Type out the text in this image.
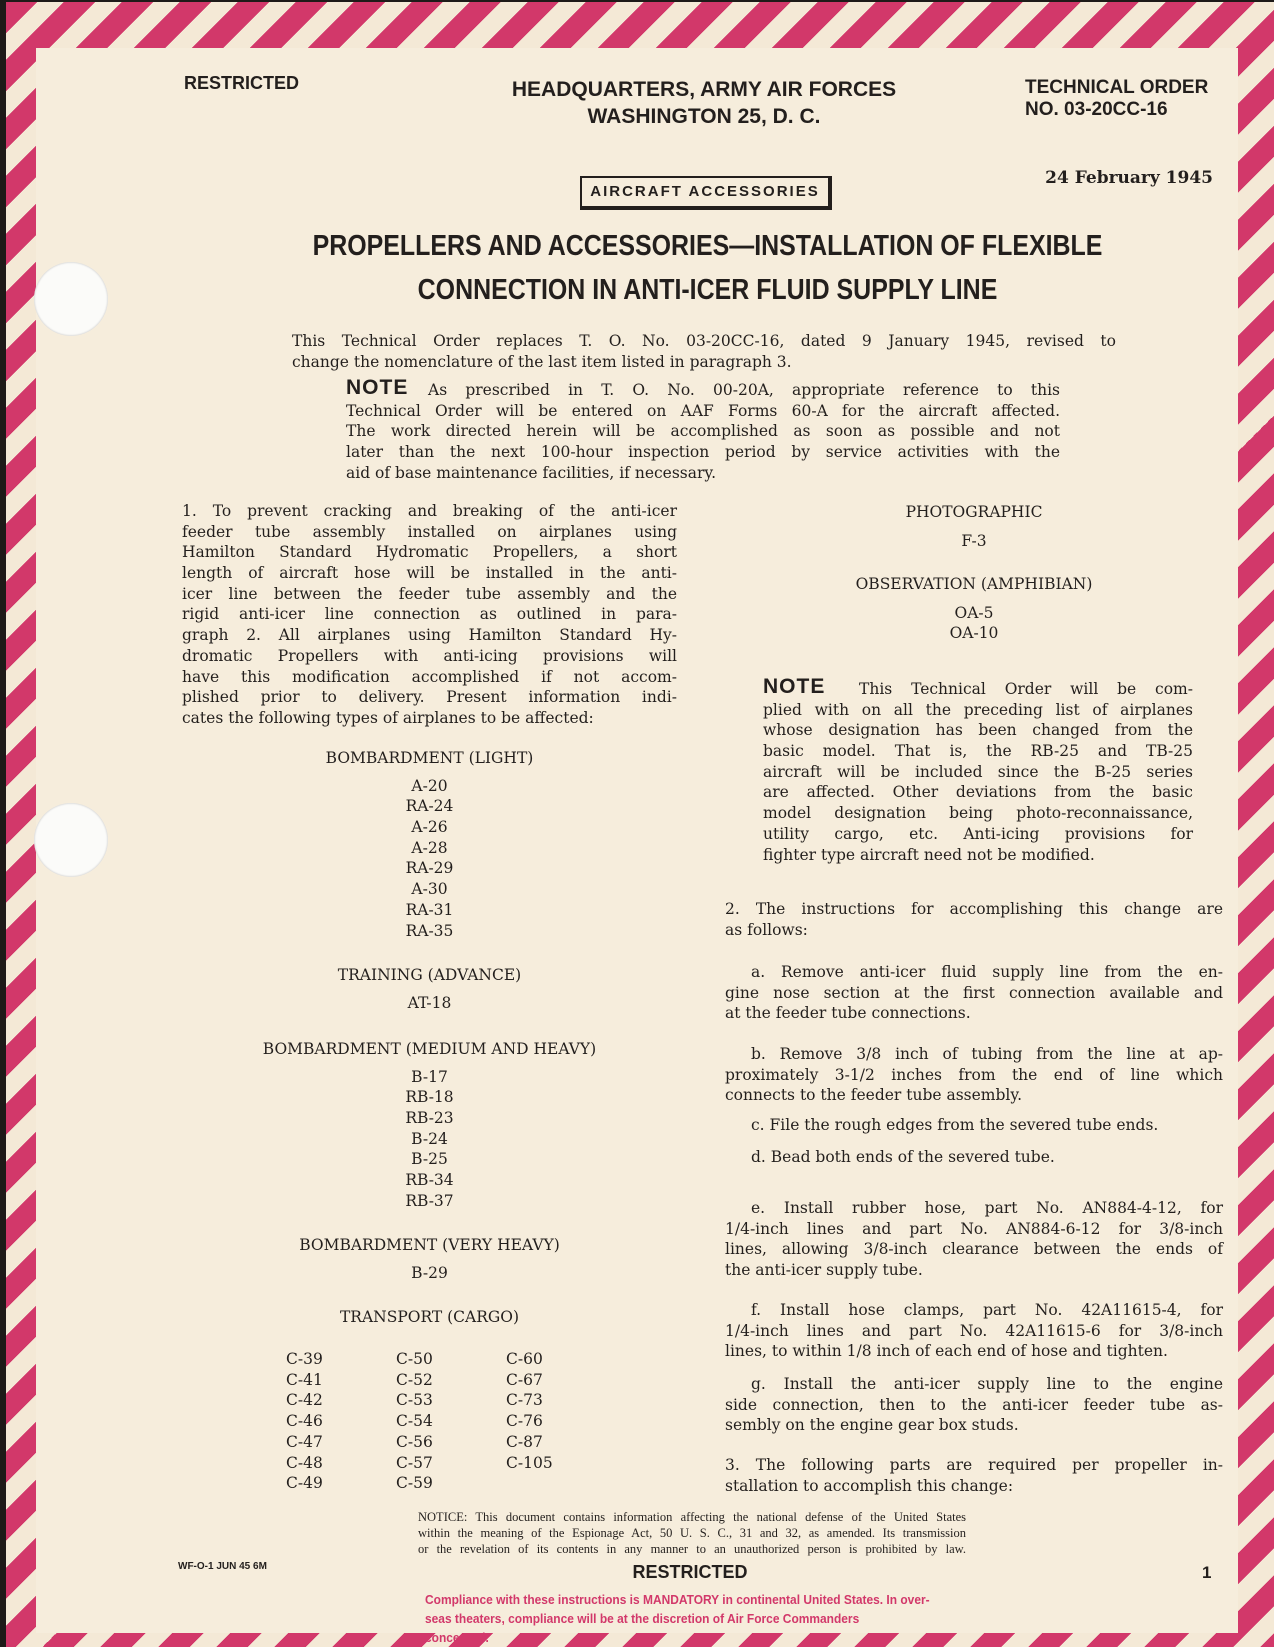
RESTRICTED	HEADQUARTERS, ARMY AIR FORCES
WASHINGTON 25, D. C.
TECHNICAL ORDER
NO. 03-20CC-16
24 February 1945
AIRCRAFT ACCESSORIES
PROPELLERS AND ACCESSORIES—INSTALLATION OF FLEXIBLE
CONNECTION IN ANTI-ICER FLUID SUPPLY LINE
This Technical Order replaces T. O. No. 03-20CC-16, dated 9 January 1945, revised to
change the nomenclature of the last item listed in paragraph 3.
NOTE	As prescribed in T. O. No. 00-20A, appropriate reference to this
Technical Order will be entered on AAF Forms 60-A for the aircraft affected.
The work directed herein will be accomplished as soon as possible and not
later than the next 100-hour inspection period by service activities with the
aid of base maintenance facilities, if necessary.
1. To prevent cracking and breaking of the anti-icer
feeder tube assembly installed on airplanes using
Hamilton Standard Hydromatic Propellers, a short
length of aircraft hose will be installed in the anti-
icer line between the feeder tube assembly and the
rigid anti-icer line connection as outlined in para-
graph 2. All airplanes using Hamilton Standard Hy-
dromatic Propellers with anti-icing provisions will
have this modification accomplished if not accom-
plished prior to delivery. Present information indi-
cates the following types of airplanes to be affected:
BOMBARDMENT (LIGHT)
A-20
RA-24
A-26
A-28
RA-29
A-30
RA-31
RA-35
TRAINING (ADVANCE)
AT-18
BOMBARDMENT (MEDIUM AND HEAVY)
B-17
RB-18
RB-23
B-24
B-25
RB-34
RB-37
BOMBARDMENT (VERY HEAVY)
B-29
TRANSPORT (CARGO)
C-39	C-50	C-60
C-41	C-52	C-67
C-42	C-53	C-73
C-46	C-54	C-76
C-47	C-56	C-87
C-48	C-57	C-105
C-49	C-59
PHOTOGRAPHIC
F-3
OBSERVATION (AMPHIBIAN)
OA-5
OA-10
NOTE	This Technical Order will be com-
plied with on all the preceding list of airplanes
whose designation has been changed from the
basic model. That is, the RB-25 and TB-25
aircraft will be included since the B-25 series
are affected. Other deviations from the basic
model designation being photo-reconnaissance,
utility cargo, etc. Anti-icing provisions for
fighter type aircraft need not be modified.
2. The instructions for accomplishing this change are
as follows:
a. Remove anti-icer fluid supply line from the en-
gine nose section at the first connection available and
at the feeder tube connections.
b. Remove 3/8 inch of tubing from the line at ap-
proximately 3-1/2 inches from the end of line which
connects to the feeder tube assembly.
c. File the rough edges from the severed tube ends.
d. Bead both ends of the severed tube.
e. Install rubber hose, part No. AN884-4-12, for
1/4-inch lines and part No. AN884-6-12 for 3/8-inch
lines, allowing 3/8-inch clearance between the ends of
the anti-icer supply tube.
f. Install hose clamps, part No. 42A11615-4, for
1/4-inch lines and part No. 42A11615-6 for 3/8-inch
lines, to within 1/8 inch of each end of hose and tighten.
g. Install the anti-icer supply line to the engine
side connection, then to the anti-icer feeder tube as-
sembly on the engine gear box studs.
3. The following parts are required per propeller in-
stallation to accomplish this change:
NOTICE: This document contains information affecting the national defense of the United States
within the meaning of the Espionage Act, 50 U. S. C., 31 and 32, as amended. Its transmission
or the revelation of its contents in any manner to an unauthorized person is prohibited by law.
WF-O-1 JUN 45 6M	RESTRICTED	1
Compliance with these instructions is MANDATORY in continental United States. In over-
seas theaters, compliance will be at the discretion of Air Force Commanders concerned.
